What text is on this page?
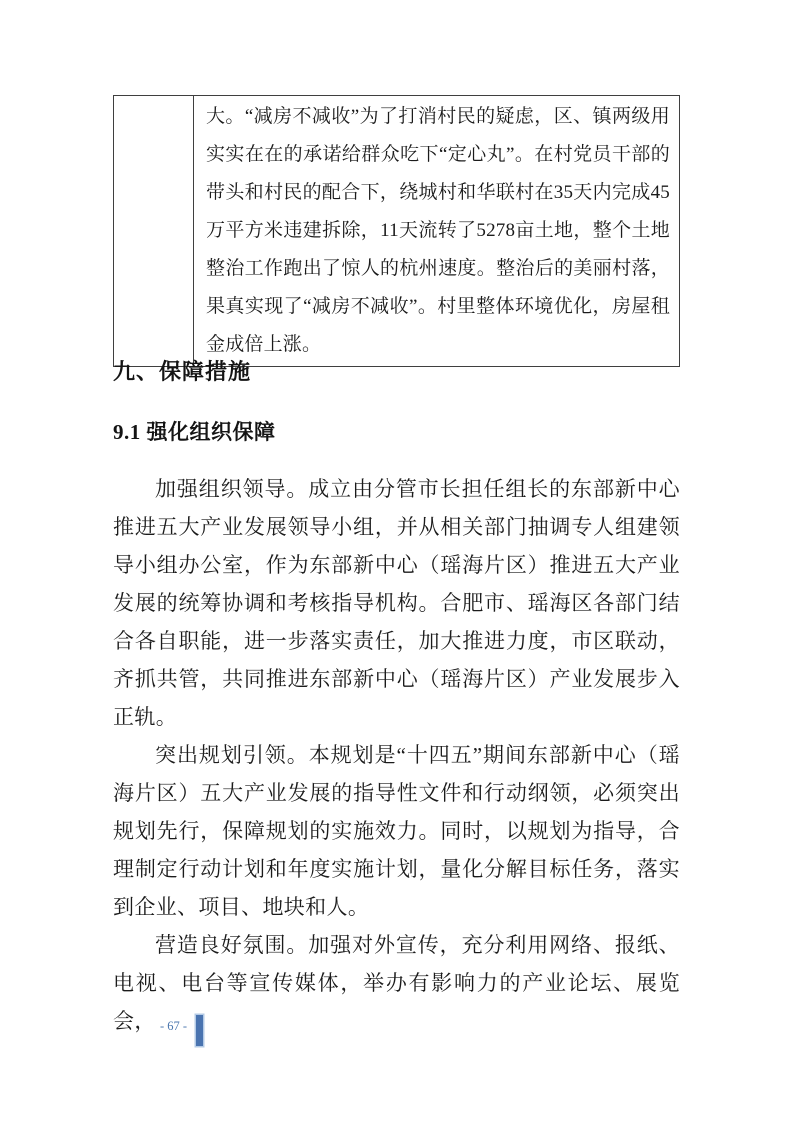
	大。“减房不减收”为了打消村民的疑虑，区、镇两级用实实在在的承诺给群众吃下“定心丸”。在村党员干部的带头和村民的配合下，绕城村和华联村在35天内完成45万平方米违建拆除，11天流转了5278亩土地，整个土地整治工作跑出了惊人的杭州速度。整治后的美丽村落，果真实现了“减房不减收”。村里整体环境优化，房屋租金成倍上涨。
九、保障措施
9.1 强化组织保障

加强组织领导。成立由分管市长担任组长的东部新中心推进五大产业发展领导小组，并从相关部门抽调专人组建领导小组办公室，作为东部新中心（瑶海片区）推进五大产业发展的统筹协调和考核指导机构。合肥市、瑶海区各部门结合各自职能，进一步落实责任，加大推进力度，市区联动，齐抓共管，共同推进东部新中心（瑶海片区）产业发展步入正轨。

突出规划引领。本规划是“十四五”期间东部新中心（瑶海片区）五大产业发展的指导性文件和行动纲领，必须突出规划先行，保障规划的实施效力。同时，以规划为指导，合理制定行动计划和年度实施计划，量化分解目标任务，落实到企业、项目、地块和人。

营造良好氛围。加强对外宣传，充分利用网络、报纸、电视、电台等宣传媒体，举办有影响力的产业论坛、展览会， - 67 -
